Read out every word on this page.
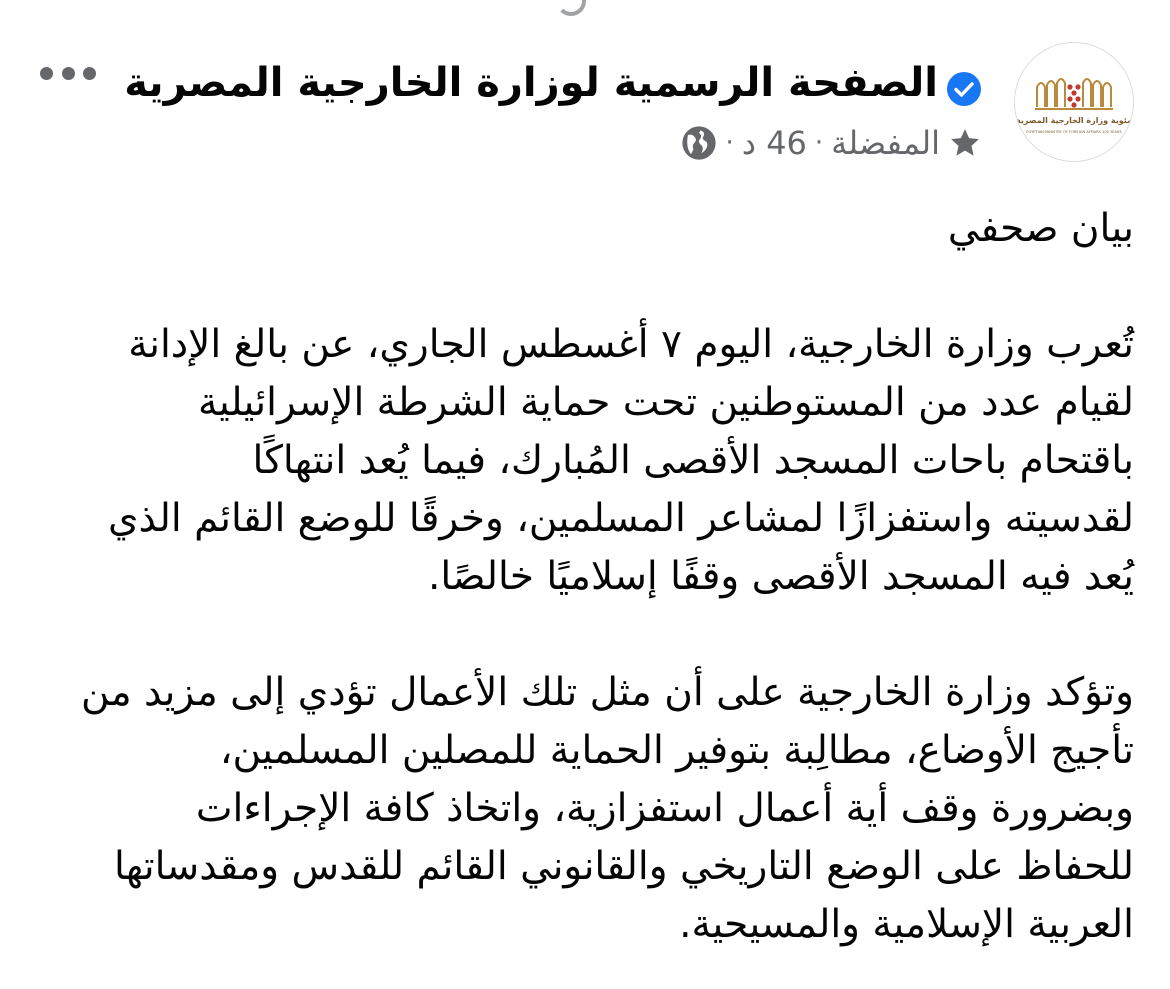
مئوية وزارة الخارجية المصرية
EGYPTIAN MINISTRY OF FOREIGN AFFAIRS 100 YEARS
الصفحة الرسمية لوزارة الخارجية المصرية
المفضلة
·
46 د
·

بيان صحفي

تُعرب وزارة الخارجية، اليوم ٧ أغسطس الجاري، عن بالغ الإدانة

لقيام عدد من المستوطنين تحت حماية الشرطة الإسرائيلية

باقتحام باحات المسجد الأقصى المُبارك، فيما يُعد انتهاكًا

لقدسيته واستفزازًا لمشاعر المسلمين، وخرقًا للوضع القائم الذي

يُعد فيه المسجد الأقصى وقفًا إسلاميًا خالصًا.

وتؤكد وزارة الخارجية على أن مثل تلك الأعمال تؤدي إلى مزيد من

تأجيج الأوضاع، مطالِبة بتوفير الحماية للمصلين المسلمين،

وبضرورة وقف أية أعمال استفزازية، واتخاذ كافة الإجراءات

للحفاظ على الوضع التاريخي والقانوني القائم للقدس ومقدساتها

العربية الإسلامية والمسيحية.
